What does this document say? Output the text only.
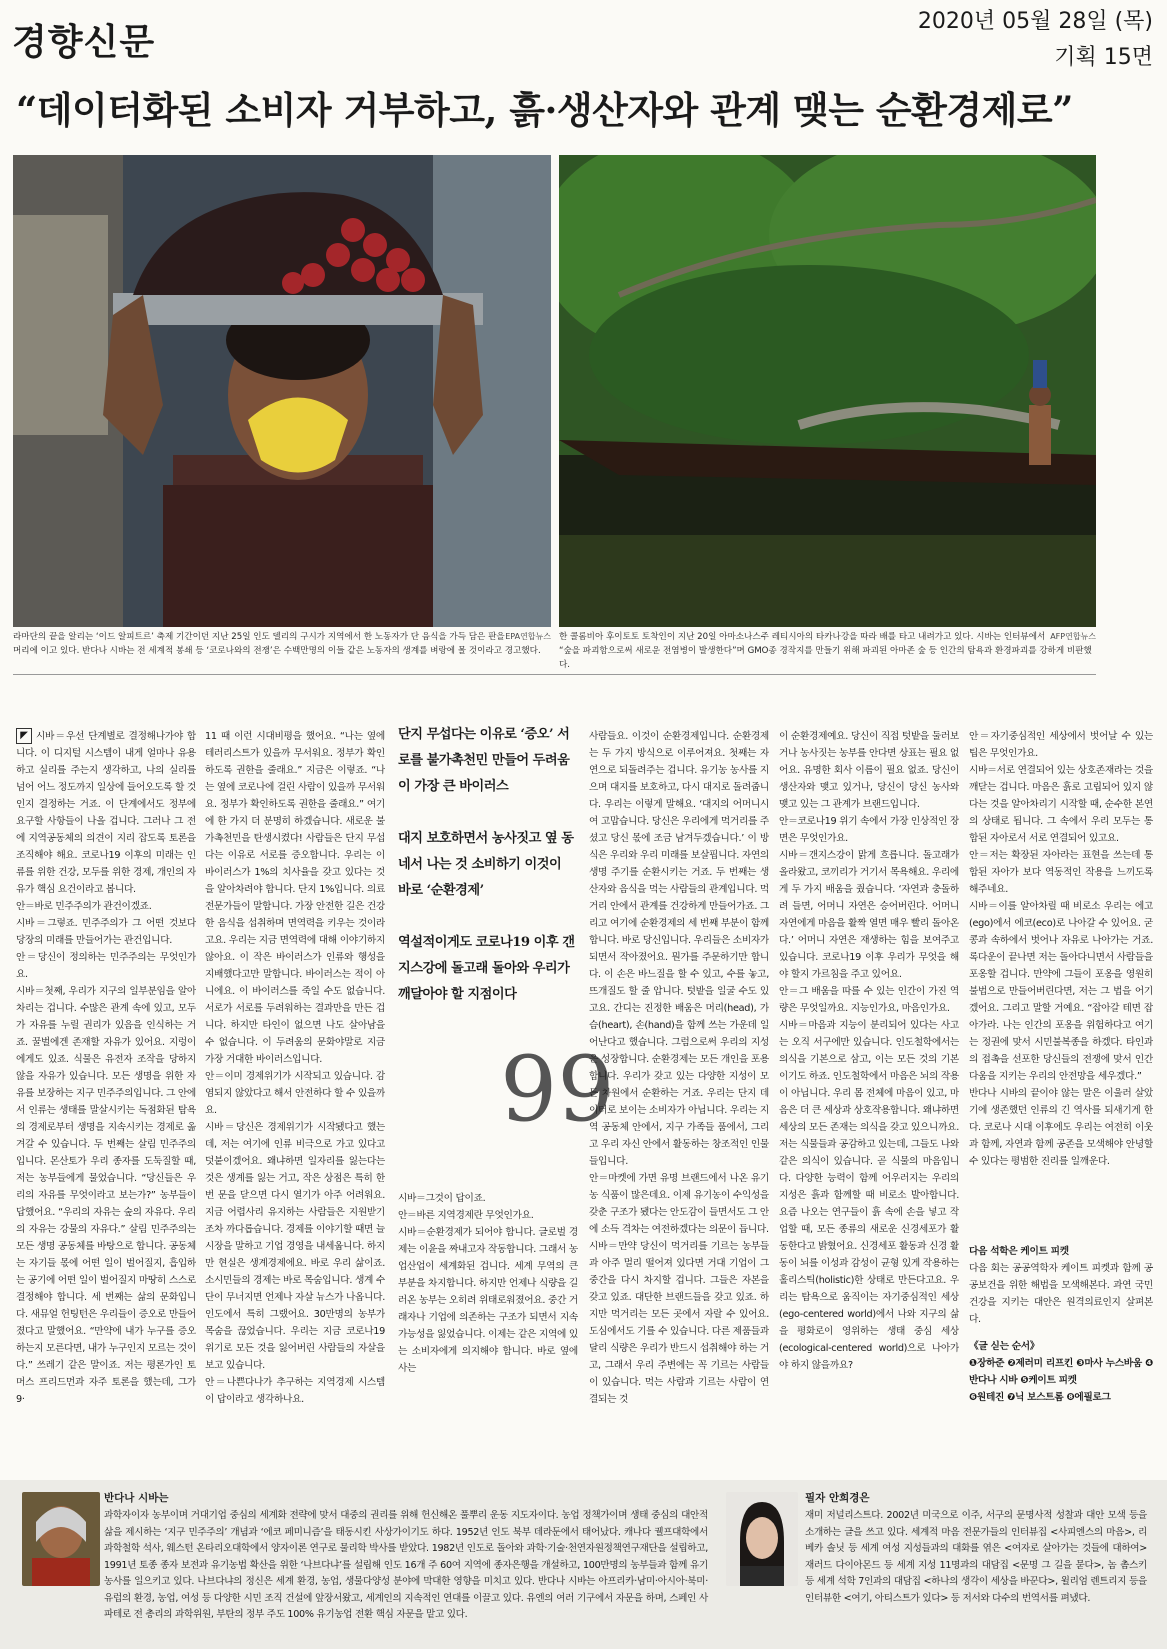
경향신문	2020년 05월 28일 (목)
기획 15면
“데이터화된 소비자 거부하고, 흙·생산자와 관계 맺는 순환경제로”
EPA연합뉴스
라마단의 끝을 알리는 ‘이드 알피트르’ 축제 기간이던 지난 25일 인도 델리의 구시가 지역에서 한 노동자가 단 음식을 가득 담은 판을 머리에 이고 있다. 반다나 시바는 전 세계적 봉쇄 등 ‘코로나와의 전쟁’은 수백만명의 이들 같은 노동자의 생계를 벼랑에 몰 것이라고 경고했다.
AFP연합뉴스
한 콜롬비아 후이토토 토착인이 지난 20일 아마소나스주 레티시아의 타카나강을 따라 배를 타고 내려가고 있다. 시바는 인터뷰에서 “숲을 파괴함으로써 새로운 전염병이 발생한다”며 GMO종 경작지를 만들기 위해 파괴된 아마존 숲 등 인간의 탐욕과 환경파괴를 강하게 비판했다.
◤ 시바＝우선 단계별로 결정해나가야 합니다. 이 디지털 시스템이 내게 얼마나 유용하고 실리를 주는지 생각하고, 나의 실리를 넘어 어느 정도까지 일상에 들어오도록 할 것인지 결정하는 거죠. 이 단계에서도 정부에 요구할 사항들이 나올 겁니다. 그러나 그 전에 지역공동체의 의견이 지리 잡도록 토론을 조직해야 해요. 코로나19 이후의 미래는 인류를 위한 건강, 모두를 위한 경제, 개인의 자유가 핵심 요건이라고 봅니다.
안＝바로 민주주의가 관건이겠죠.
시바＝그렇죠. 민주주의가 그 어떤 것보다 당장의 미래를 만들어가는 관건입니다.
안＝당신이 정의하는 민주주의는 무엇인가요.
시바＝첫째, 우리가 지구의 일부분임을 알아차리는 겁니다. 수많은 관계 속에 있고, 모두가 자유를 누릴 권리가 있음을 인식하는 거죠. 꿀벌에겐 존재할 자유가 있어요. 지렁이에게도 있죠. 식물은 유전자 조작을 당하지 않을 자유가 있습니다. 모든 생명을 위한 자유를 보장하는 지구 민주주의입니다. 그 안에서 인류는 생태를 말살시키는 독점화된 탐욕의 경제로부터 생명을 지속시키는 경제로 옮겨갈 수 있습니다. 두 번째는 살림 민주주의입니다. 몬산토가 우리 종자를 도둑질할 때, 저는 농부들에게 물었습니다. “당신들은 우리의 자유를 무엇이라고 보는가?” 농부들이 답했어요. “우리의 자유는 숲의 자유다. 우리의 자유는 강물의 자유다.” 살림 민주주의는 모든 생명 공동체를 바탕으로 합니다. 공동체는 자기들 몫에 어떤 일이 벌어질지, 흡입하는 공기에 어떤 일이 벌어질지 마땅히 스스로 결정해야 합니다. 세 번째는 삶의 문화입니다. 새뮤얼 헌팅턴은 우리들이 증오로 만들어졌다고 말했어요. “만약에 내가 누구를 증오하는지 모른다면, 내가 누구인지 모르는 것이다.” 쓰레기 같은 말이죠. 저는 평론가인 토머스 프리드먼과 자주 토론을 했는데, 그가 9·
11 때 이런 시대비평을 했어요. “나는 옆에 테러리스트가 있을까 무서워요. 정부가 확인하도록 권한을 줄래요.” 지금은 이렇죠. “나는 옆에 코로나에 걸린 사람이 있을까 무서워요. 정부가 확인하도록 권한을 줄래요.” 여기에 한 가지 더 분명히 하겠습니다. 새로운 불가촉천민을 탄생시켰다! 사람들은 단지 무섭다는 이유로 서로를 증오합니다. 우리는 이 바이러스가 1%의 치사율을 갖고 있다는 것을 알아차려야 합니다. 단지 1%입니다. 의료전문가들이 말합니다. 가장 안전한 길은 건강한 음식을 섭취하며 면역력을 키우는 것이라고요. 우리는 지금 면역력에 대해 이야기하지 않아요. 이 작은 바이러스가 인류와 행성을 지배했다고만 말합니다. 바이러스는 적이 아니에요. 이 바이러스를 죽일 수도 없습니다. 서로가 서로를 두려워하는 결과만을 만든 겁니다. 하지만 타인이 없으면 나도 살아남을 수 없습니다. 이 두려움의 문화야말로 지금 가장 거대한 바이러스입니다.
안＝이미 경제위기가 시작되고 있습니다. 감염되지 않았다고 해서 안전하다 할 수 있을까요.
시바＝당신은 경제위기가 시작됐다고 했는데, 저는 여기에 인류 비극으로 가고 있다고 덧붙이겠어요. 왜냐하면 일자리를 잃는다는 것은 생계를 잃는 거고, 작은 상점은 특히 한번 문을 닫으면 다시 열기가 아주 어려워요. 지금 어렵사리 유지하는 사람들은 지원받기조차 까다롭습니다. 경제를 이야기할 때면 늘 시장을 말하고 기업 경영을 내세웁니다. 하지만 현실은 생계경제에요. 바로 우리 삶이죠. 소시민들의 경제는 바로 목숨입니다. 생계 수단이 무너지면 언제나 자살 뉴스가 나옵니다. 인도에서 특히 그랬어요. 30만명의 농부가 목숨을 끊었습니다. 우리는 지금 코로나19 위기로 모든 것을 잃어버린 사람들의 자살을 보고 있습니다.
안＝나쁜다나가 추구하는 지역경제 시스템이 답이라고 생각하나요.
단지 무섭다는 이유로 ‘증오’ 서로를 불가촉천민 만들어 두려움이 가장 큰 바이러스
대지 보호하면서 농사짓고 옆 동네서 나는 것 소비하기 이것이 바로 ‘순환경제’
역설적이게도 코로나19 이후 갠지스강에 돌고래 돌아와 우리가 깨달아야 할 지점이다
99
시바＝그것이 답이죠.
안＝바른 지역경제란 무엇인가요.
시바＝순환경제가 되어야 합니다. 글로벌 경제는 이윤을 짜내고자 작동합니다. 그래서 농업산업이 세계화된 겁니다. 세계 무역의 큰 부분을 차지합니다. 하지만 언제나 식량을 길러온 농부는 오히려 위태로워졌어요. 중간 거래자나 기업에 의존하는 구조가 되면서 지속 가능성을 잃었습니다. 이제는 같은 지역에 있는 소비자에게 의지해야 합니다. 바로 옆에 사는
사람들요. 이것이 순환경제입니다. 순환경제는 두 가지 방식으로 이루어져요. 첫째는 자연으로 되돌려주는 겁니다. 유기농 농사를 지으며 대지를 보호하고, 다시 대지로 돌려줍니다. 우리는 이렇게 말해요. ‘대지의 어머니시여 고맙습니다. 당신은 우리에게 먹거리를 주셨고 당신 몫에 조금 남겨두겠습니다.’ 이 방식은 우리와 우리 미래를 보살핍니다. 자연의 생명 주기를 순환시키는 거죠. 두 번째는 생산자와 음식을 먹는 사람들의 관계입니다. 먹거리 안에서 관계를 건강하게 만들어가죠. 그리고 여기에 순환경제의 세 번째 부분이 함께합니다. 바로 당신입니다. 우리들은 소비자가 되면서 작아졌어요. 뭔가를 주문하기만 합니다. 이 손은 바느질을 할 수 있고, 수를 놓고, 뜨개질도 할 줄 압니다. 텃밭을 일굴 수도 있고요. 간디는 진정한 배움은 머리(head), 가슴(heart), 손(hand)을 함께 쓰는 가운데 일어난다고 했습니다. 그럼으로써 우리의 지성은 성장합니다. 순환경제는 모든 개인을 포용합니다. 우리가 갖고 있는 다양한 지성이 모든 차원에서 순환하는 거죠. 우리는 단지 데이터로 보이는 소비자가 아닙니다. 우리는 지역 공동체 안에서, 지구 가족들 품에서, 그리고 우리 자신 안에서 활동하는 창조적인 인물들입니다.
안＝마켓에 가면 유명 브랜드에서 나온 유기농 식품이 많은데요. 이제 유기농이 수익성을 갖춘 구조가 됐다는 안도감이 들면서도 그 안에 소득 격차는 여전하겠다는 의문이 듭니다.
시바＝만약 당신이 먹거리를 기르는 농부들과 아주 멀리 떨어져 있다면 거대 기업이 그 중간을 다시 차지할 겁니다. 그들은 자본을 갖고 있죠. 대단한 브랜드들을 갖고 있죠. 하지만 먹거리는 모든 곳에서 자랄 수 있어요. 도심에서도 기를 수 있습니다. 다른 제품들과 달리 식량은 우리가 반드시 섭취해야 하는 거고, 그래서 우리 주변에는 꼭 기르는 사람들이 있습니다. 먹는 사람과 기르는 사람이 연결되는 것
이 순환경제예요. 당신이 직접 텃밭을 둘러보거나 농사짓는 농부를 안다면 상표는 필요 없어요. 유명한 회사 이름이 필요 없죠. 당신이 생산자와 맺고 있거나, 당신이 당신 농사와 맺고 있는 그 관계가 브랜드입니다.
안＝코로나19 위기 속에서 가장 인상적인 장면은 무엇인가요.
시바＝갠지스강이 맑게 흐릅니다. 돌고래가 올라왔고, 코끼리가 거기서 목욕해요. 우리에게 두 가지 배움을 줬습니다. ‘자연과 충돌하려 들면, 어머니 자연은 승어버린다. 어머니 자연에게 마음을 활짝 열면 매우 빨리 돌아온다.’ 어머니 자연은 재생하는 힘을 보여주고 있습니다. 코로나19 이후 우리가 무엇을 해야 할지 가르침을 주고 있어요.
안＝그 배움을 따를 수 있는 인간이 가진 역량은 무엇일까요. 지능인가요, 마음인가요.
시바＝마음과 지능이 분리되어 있다는 사고는 오직 서구에만 있습니다. 인도철학에서는 의식을 기본으로 삼고, 이는 모든 것의 기본이기도 하죠. 인도철학에서 마음은 뇌의 작용이 아닙니다. 우리 몸 전체에 마음이 있고, 마음은 더 큰 세상과 상호작용합니다. 왜냐하면 세상의 모든 존재는 의식을 갖고 있으니까요. 저는 식물들과 공감하고 있는데, 그들도 나와 같은 의식이 있습니다. 곧 식물의 마음입니다. 다양한 능력이 함께 어우러지는 우리의 지성은 흙과 함께할 때 비로소 발아합니다. 요즘 나오는 연구들이 흙 속에 손을 넣고 작업할 때, 모든 종류의 새로운 신경세포가 활동한다고 밝혔어요. 신경세포 활동과 신경 활동이 뇌를 이성과 감성이 균형 있게 작용하는 홀리스틱(holistic)한 상태로 만든다고요. 우리는 탐욕으로 움직이는 자기중심적인 세상(ego-centered world)에서 나와 지구의 삶을 평화로이 영위하는 생태 중심 세상(ecological-centered world)으로 나아가야 하지 않을까요?
안＝자기중심적인 세상에서 벗어날 수 있는 팁은 무엇인가요.
시바＝서로 연결되어 있는 상호존재라는 것을 깨닫는 겁니다. 마음은 흙로 고립되어 있지 않다는 것을 알아차리기 시작할 때, 순수한 본연의 상태로 됩니다. 그 속에서 우리 모두는 통합된 자아로서 서로 연결되어 있고요.
안＝저는 확장된 자아라는 표현을 쓰는데 통합된 자아가 보다 역동적인 작용을 느끼도록 해주네요.
시바＝이를 알아차릴 때 비로소 우리는 에고(ego)에서 에코(eco)로 나아갈 수 있어요. 굳콩과 속하에서 벗어나 자유로 나아가는 거죠. 록다운이 끝나면 저는 돌아다니면서 사람들을 포옹할 겁니다. 만약에 그들이 포옹을 영원히 불법으로 만들어버린다면, 저는 그 법을 어기겠어요. 그리고 말할 거예요. “잡아갈 테면 잡아가라. 나는 인간의 포옹을 위험하다고 여기는 정권에 맞서 시민불복종을 하겠다. 타인과의 접촉을 선포한 당신들의 전쟁에 맞서 인간다움을 지키는 우리의 안전망을 세우겠다.”
반다나 시바의 끝이야 않는 말은 이울러 살았기에 생존했던 인류의 긴 역사를 되새기게 한다. 코로나 시대 이후에도 우리는 여전히 이웃과 함께, 자연과 함께 공존을 모색해야 안녕할 수 있다는 평범한 진리를 일깨운다.
다음 석학은 케이트 피켓
다음 회는 공공역학자 케이트 피켓과 함께 공공보건을 위한 해법을 모색해본다. 과연 국민 건강을 지키는 대안은 원격의료인지 살펴본다.
《글 싣는 순서》
❶장하준 ❷제러미 리프킨 ❸마사 누스바움 ❹반다나 시바 ❺케이트 피켓
❻원테진 ❼닉 보스트롬 ❽에필로그
반다나 시바는
과학자이자 농부이며 거대기업 중심의 세계화 전략에 맞서 대중의 권리를 위해 헌신해온 풀뿌리 운동 지도자이다. 농업 정책가이며 생태 중심의 대안적 삶을 제시하는 ‘지구 민주주의’ 개념과 ‘에코 페미니즘’을 태동시킨 사상가이기도 하다. 1952년 인도 북부 데라둔에서 태어났다. 캐나다 궬프대학에서 과학철학 석사, 웨스턴 온타리오대학에서 양자이론 연구로 물리학 박사를 받았다. 1982년 인도로 돌아와 과학·기술·천연자원정책연구재단을 설립하고, 1991년 토종 종자 보전과 유기농법 확산을 위한 ‘나브다냐’를 설립해 인도 16개 주 60여 지역에 종자은행을 개설하고, 100만명의 농부들과 함께 유기농사를 일으키고 있다. 나브다냐의 정신은 세계 환경, 농업, 생물다양성 분야에 막대한 영향을 미치고 있다. 반다나 시바는 아프리카·남미·아시아·북미·유럽의 환경, 농업, 여성 등 다양한 시민 조직 건설에 앞장서왔고, 세계인의 지속적인 연대를 이끌고 있다. 유엔의 여러 기구에서 자문을 하며, 스페인 사파테로 전 총리의 과학위원, 부탄의 정부 주도 100% 유기농업 전환 핵심 자문을 맡고 있다.
필자 안희경은
재미 저널리스트다. 2002년 미국으로 이주, 서구의 문명사적 성찰과 대안 모색 등을 소개하는 글을 쓰고 있다. 세계적 마음 전문가들의 인터뷰집 <사피엔스의 마음>, 리베카 솔닛 등 세계 여성 지성들과의 대화를 엮은 <여자로 살아가는 것들에 대하여> 재러드 다이아몬드 등 세계 지성 11명과의 대담집 <문명 그 길을 묻다>, 놈 촘스키 등 세계 석학 7인과의 대담집 <하나의 생각이 세상을 바꾼다>, 윌리엄 렌트리지 등을 인터뷰한 <여기, 아티스트가 있다> 등 저서와 다수의 번역서를 펴냈다.
